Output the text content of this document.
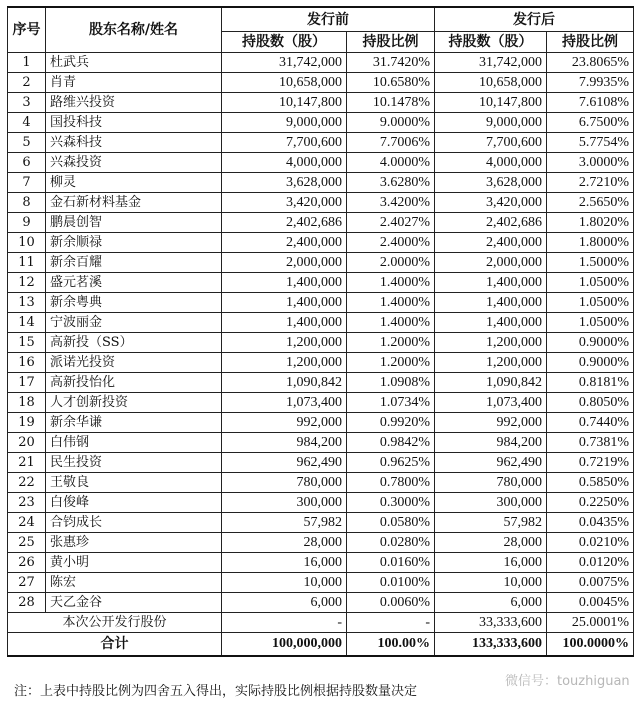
序号	股东名称/姓名	发行前		发行后	
		持股数（股）	持股比例	持股数（股）	持股比例
1	杜武兵	31,742,000	31.7420%	31,742,000	23.8065%
2	肖青	10,658,000	10.6580%	10,658,000	7.9935%
3	路维兴投资	10,147,800	10.1478%	10,147,800	7.6108%
4	国投科技	9,000,000	9.0000%	9,000,000	6.7500%
5	兴森科技	7,700,600	7.7006%	7,700,600	5.7754%
6	兴森投资	4,000,000	4.0000%	4,000,000	3.0000%
7	柳灵	3,628,000	3.6280%	3,628,000	2.7210%
8	金石新材料基金	3,420,000	3.4200%	3,420,000	2.5650%
9	鹏晨创智	2,402,686	2.4027%	2,402,686	1.8020%
10	新余顺禄	2,400,000	2.4000%	2,400,000	1.8000%
11	新余百耀	2,000,000	2.0000%	2,000,000	1.5000%
12	盛元茗溪	1,400,000	1.4000%	1,400,000	1.0500%
13	新余粤典	1,400,000	1.4000%	1,400,000	1.0500%
14	宁波丽金	1,400,000	1.4000%	1,400,000	1.0500%
15	高新投（SS）	1,200,000	1.2000%	1,200,000	0.9000%
16	派诺光投资	1,200,000	1.2000%	1,200,000	0.9000%
17	高新投怡化	1,090,842	1.0908%	1,090,842	0.8181%
18	人才创新投资	1,073,400	1.0734%	1,073,400	0.8050%
19	新余华谦	992,000	0.9920%	992,000	0.7440%
20	白伟钢	984,200	0.9842%	984,200	0.7381%
21	民生投资	962,490	0.9625%	962,490	0.7219%
22	王敬良	780,000	0.7800%	780,000	0.5850%
23	白俊峰	300,000	0.3000%	300,000	0.2250%
24	合钧成长	57,982	0.0580%	57,982	0.0435%
25	张惠珍	28,000	0.0280%	28,000	0.0210%
26	黄小明	16,000	0.0160%	16,000	0.0120%
27	陈宏	10,000	0.0100%	10,000	0.0075%
28	天乙金谷	6,000	0.0060%	6,000	0.0045%
本次公开发行股份		-	-	33,333,600	25.0001%
合计		100,000,000	100.00%	133,333,600	100.0000%
注：上表中持股比例为四舍五入得出，实际持股比例根据持股数量决定
微信号：touzhiguan
